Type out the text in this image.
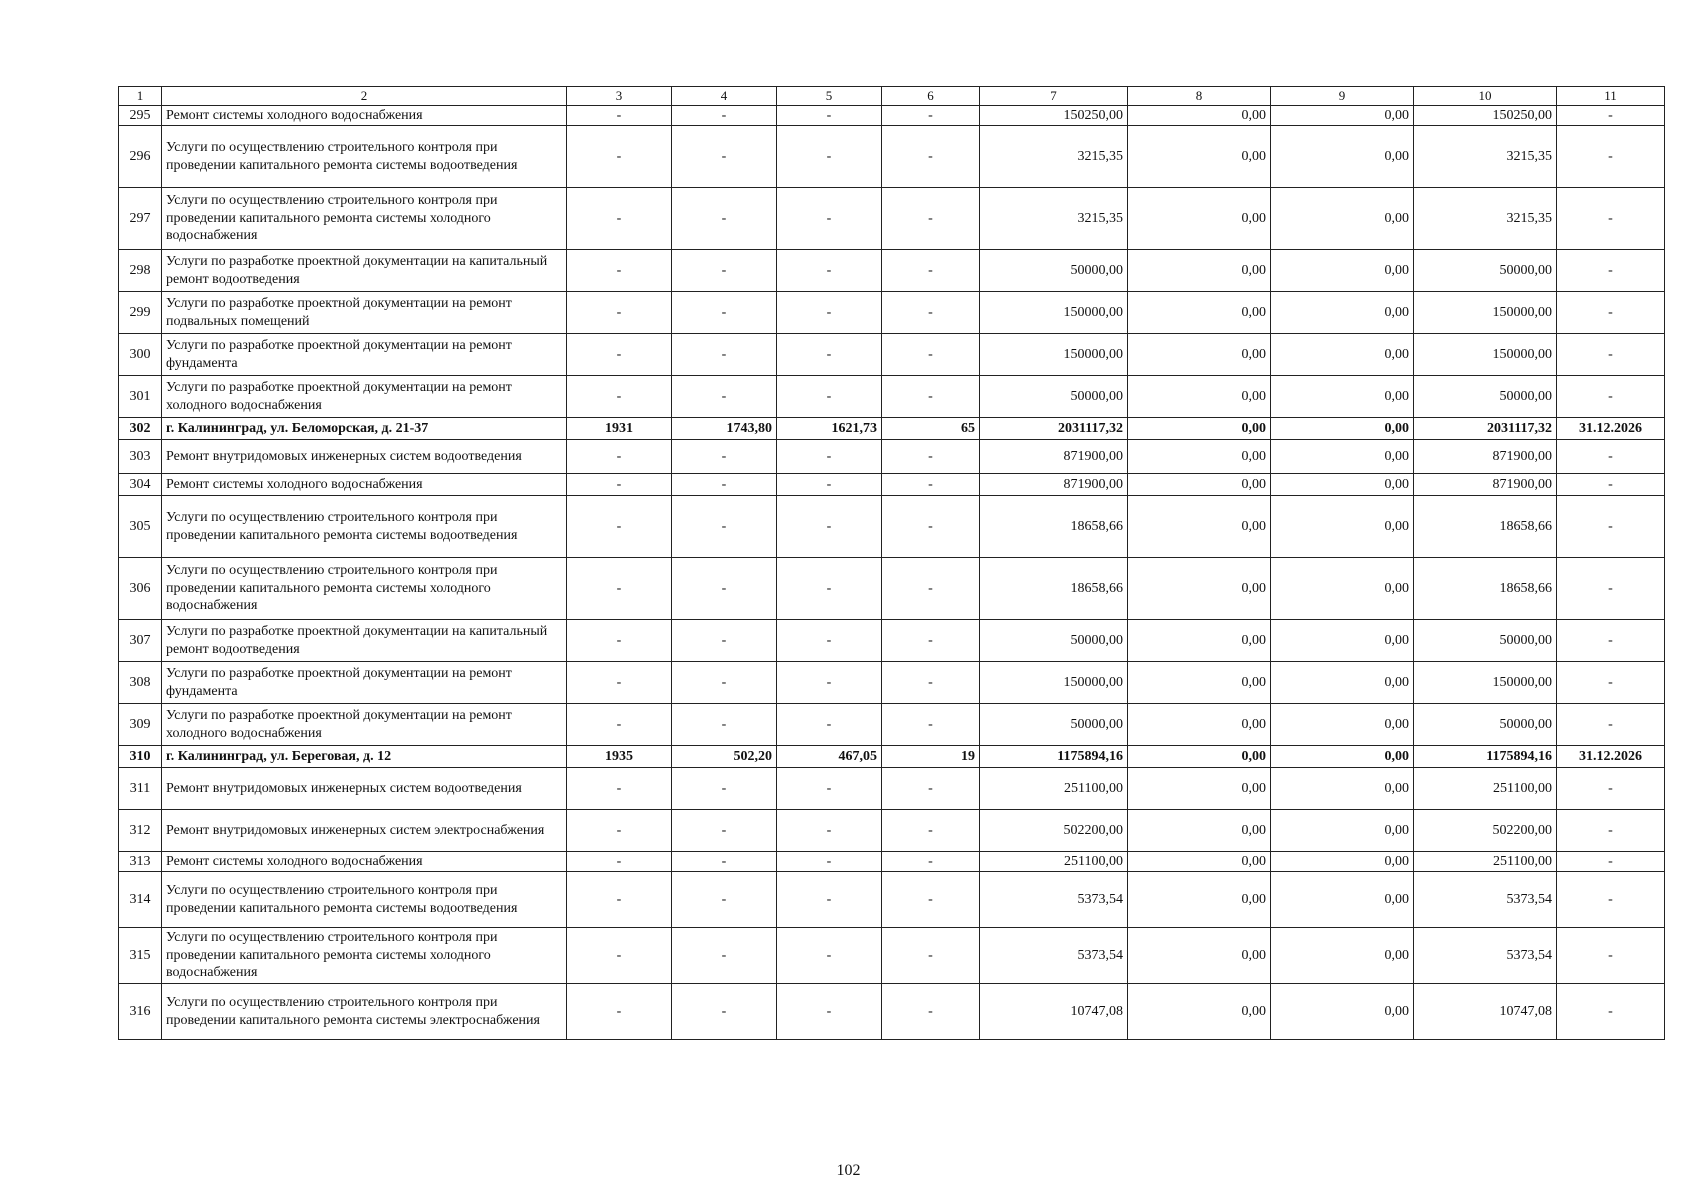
1	2	3	4	5	6	7	8	9	10	11
295	Ремонт системы холодного водоснабжения	-	-	-	-	150250,00	0,00	0,00	150250,00	-
296	Услуги по осуществлению строительного контроля при проведении капитального ремонта системы водоотведения	-	-	-	-	3215,35	0,00	0,00	3215,35	-
297	Услуги по осуществлению строительного контроля при проведении капитального ремонта системы холодного водоснабжения	-	-	-	-	3215,35	0,00	0,00	3215,35	-
298	Услуги по разработке проектной документации на капитальный ремонт водоотведения	-	-	-	-	50000,00	0,00	0,00	50000,00	-
299	Услуги по разработке проектной документации на ремонт подвальных помещений	-	-	-	-	150000,00	0,00	0,00	150000,00	-
300	Услуги по разработке проектной документации на ремонт фундамента	-	-	-	-	150000,00	0,00	0,00	150000,00	-
301	Услуги по разработке проектной документации на ремонт холодного водоснабжения	-	-	-	-	50000,00	0,00	0,00	50000,00	-
302	г. Калининград, ул. Беломорская, д. 21-37	1931	1743,80	1621,73	65	2031117,32	0,00	0,00	2031117,32	31.12.2026
303	Ремонт внутридомовых инженерных систем водоотведения	-	-	-	-	871900,00	0,00	0,00	871900,00	-
304	Ремонт системы холодного водоснабжения	-	-	-	-	871900,00	0,00	0,00	871900,00	-
305	Услуги по осуществлению строительного контроля при проведении капитального ремонта системы водоотведения	-	-	-	-	18658,66	0,00	0,00	18658,66	-
306	Услуги по осуществлению строительного контроля при проведении капитального ремонта системы холодного водоснабжения	-	-	-	-	18658,66	0,00	0,00	18658,66	-
307	Услуги по разработке проектной документации на капитальный ремонт водоотведения	-	-	-	-	50000,00	0,00	0,00	50000,00	-
308	Услуги по разработке проектной документации на ремонт фундамента	-	-	-	-	150000,00	0,00	0,00	150000,00	-
309	Услуги по разработке проектной документации на ремонт холодного водоснабжения	-	-	-	-	50000,00	0,00	0,00	50000,00	-
310	г. Калининград, ул. Береговая, д. 12	1935	502,20	467,05	19	1175894,16	0,00	0,00	1175894,16	31.12.2026
311	Ремонт внутридомовых инженерных систем водоотведения	-	-	-	-	251100,00	0,00	0,00	251100,00	-
312	Ремонт внутридомовых инженерных систем электроснабжения	-	-	-	-	502200,00	0,00	0,00	502200,00	-
313	Ремонт системы холодного водоснабжения	-	-	-	-	251100,00	0,00	0,00	251100,00	-
314	Услуги по осуществлению строительного контроля при проведении капитального ремонта системы водоотведения	-	-	-	-	5373,54	0,00	0,00	5373,54	-
315	Услуги по осуществлению строительного контроля при проведении капитального ремонта системы холодного водоснабжения	-	-	-	-	5373,54	0,00	0,00	5373,54	-
316	Услуги по осуществлению строительного контроля при проведении капитального ремонта системы электроснабжения	-	-	-	-	10747,08	0,00	0,00	10747,08	-
102
